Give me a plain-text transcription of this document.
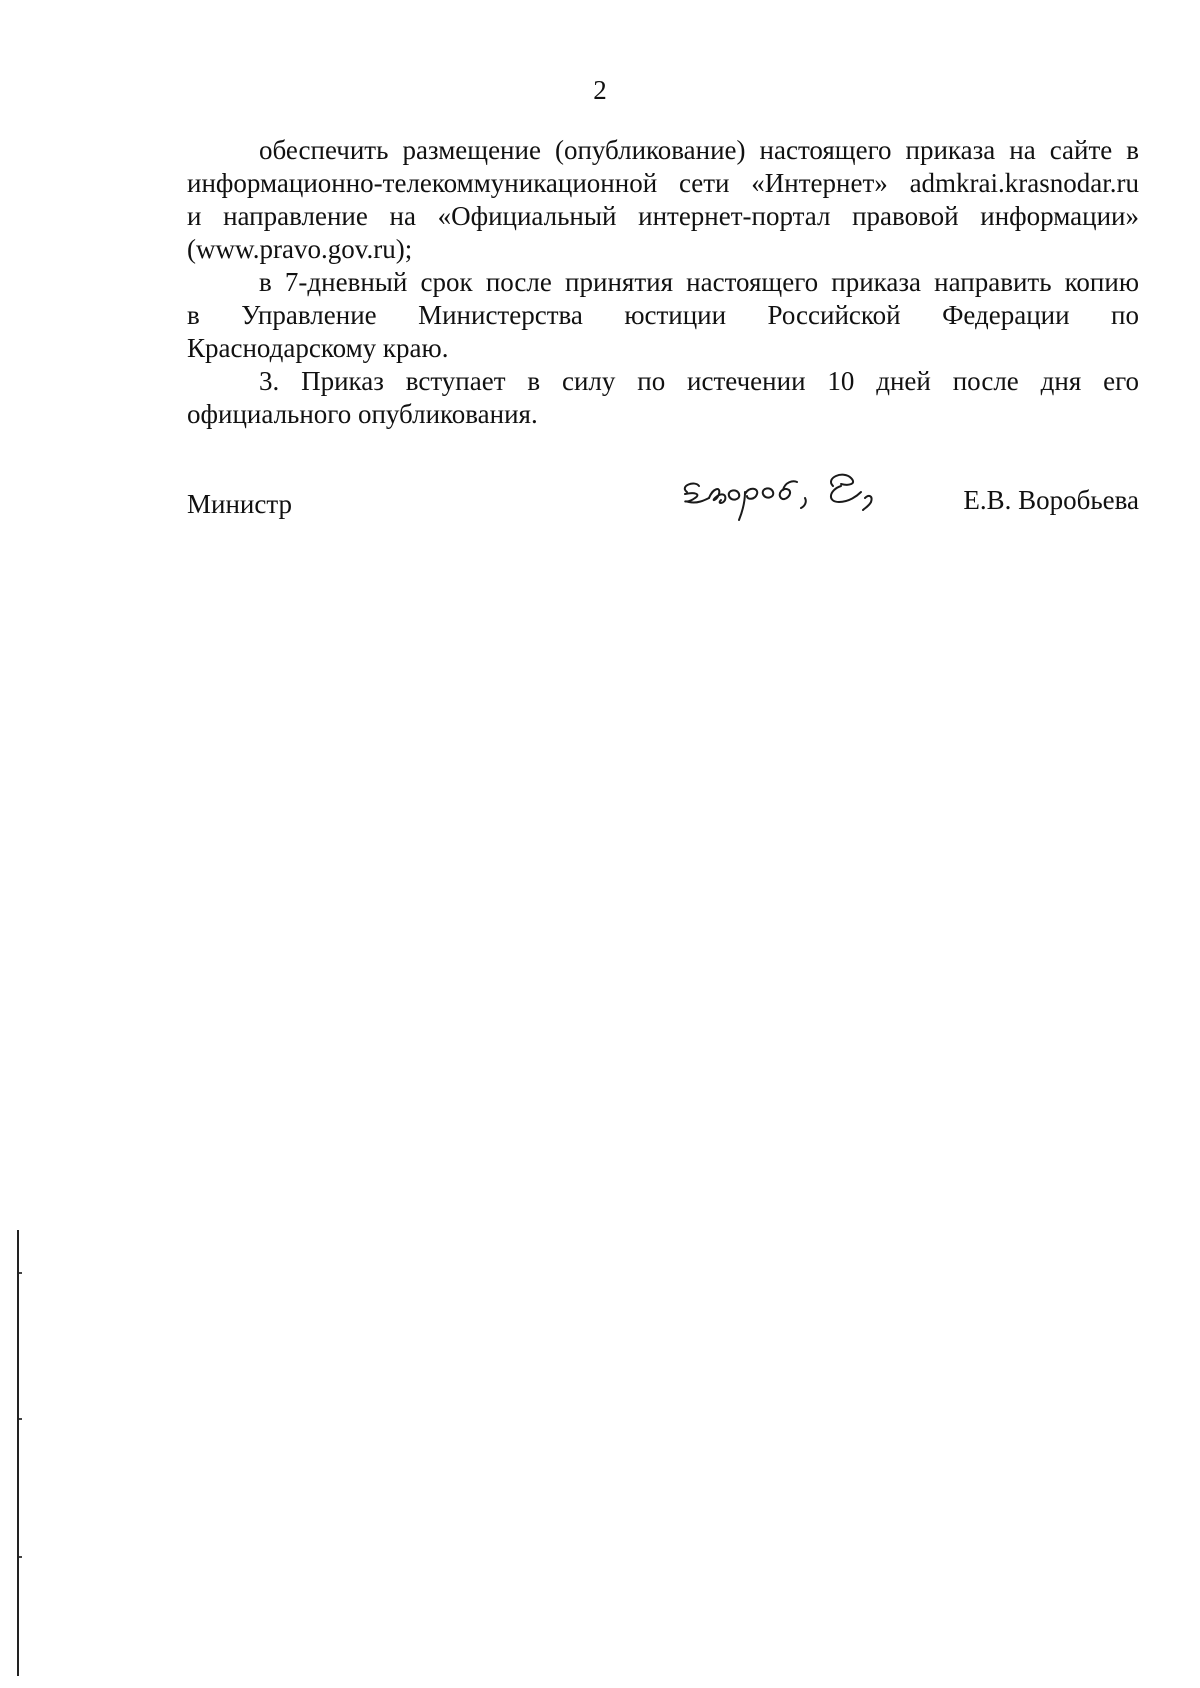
2

обеспечить размещение (опубликование) настоящего приказа на сайте в
информационно-телекоммуникационной сети «Интернет» admkrai.krasnodar.ru
и направление на «Официальный интернет-портал правовой информации»
(www.pravo.gov.ru);

в 7-дневный срок после принятия настоящего приказа направить копию
в Управление Министерства юстиции Российской Федерации по
Краснодарскому краю.

3. Приказ вступает в силу по истечении 10 дней после дня его
официального опубликования.

Министр	Е.В. Воробьева
